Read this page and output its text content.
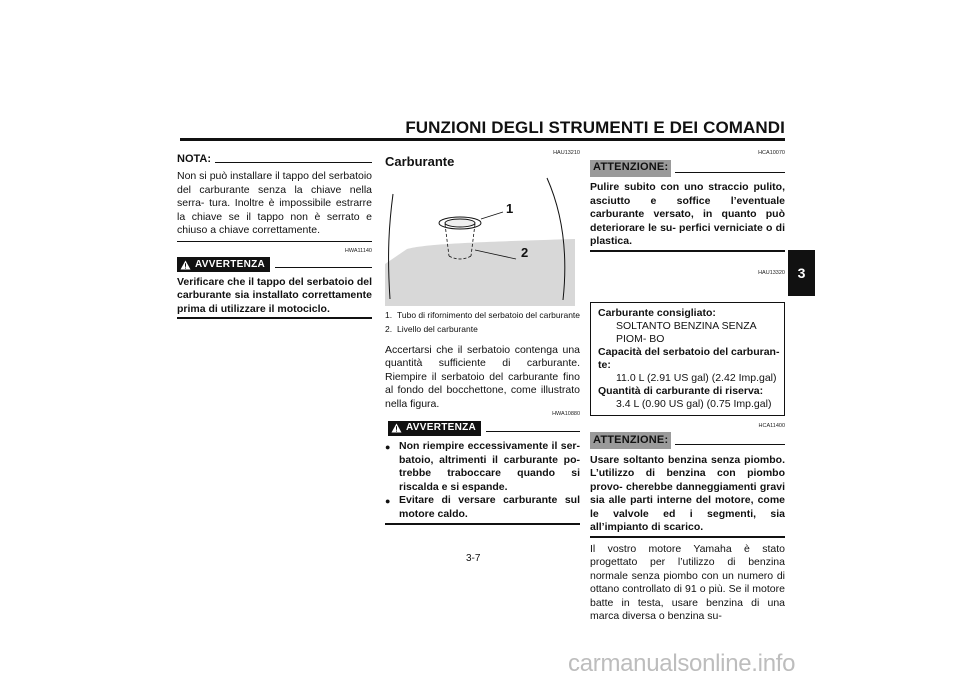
FUNZIONI DEGLI STRUMENTI E DEI COMANDI
3
NOTA:

Non si può installare il tappo del serbatoio del carburante senza la chiave nella serra- tura. Inoltre è impossibile estrarre la chiave se il tappo non è serrato e chiuso a chiave correttamente.

HWA11140
AVVERTENZA

Verificare che il tappo del serbatoio del carburante sia installato correttamente prima di utilizzare il motociclo.

HAU13210
Carburante
1
2
1. Tubo di rifornimento del serbatoio del carburante
2. Livello del carburante

Accertarsi che il serbatoio contenga una quantità sufficiente di carburante. Riempire il serbatoio del carburante fino al fondo del bocchettone, come illustrato nella figura.

HWA10880
AVVERTENZA
● Non riempire eccessivamente il ser- batoio, altrimenti il carburante po- trebbe traboccare quando si riscalda e si espande.
● Evitare di versare carburante sul motore caldo.
HCA10070
ATTENZIONE:

Pulire subito con uno straccio pulito, asciutto e soffice l’eventuale carburante versato, in quanto può deteriorare le su- perfici verniciate o di plastica.

HAU13320
Carburante consigliato:
SOLTANTO BENZINA SENZA PIOM- BO
Capacità del serbatoio del carburan- te:
11.0 L (2.91 US gal) (2.42 Imp.gal)
Quantità di carburante di riserva:
3.4 L (0.90 US gal) (0.75 Imp.gal)
HCA11400
ATTENZIONE:

Usare soltanto benzina senza piombo. L’utilizzo di benzina con piombo provo- cherebbe danneggiamenti gravi sia alle parti interne del motore, come le valvole ed i segmenti, sia all’impianto di scarico.

Il vostro motore Yamaha è stato progettato per l’utilizzo di benzina normale senza piombo con un numero di ottano controllato di 91 o più. Se il motore batte in testa, usare benzina di una marca diversa o benzina su-

3-7
carmanualsonline.info
